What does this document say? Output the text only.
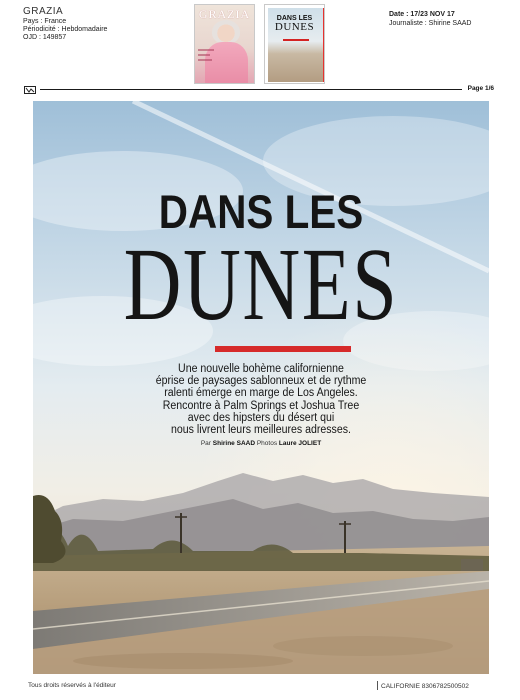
GRAZIA
Pays : France
Périodicité : Hebdomadaire
OJD : 149857
Date : 17/23 NOV 17
Journaliste : Shirine SAAD
GRAZIA	DANS LES
DUNES
Page 1/6
DANS LES
DUNES
Une nouvelle bohème californienne
éprise de paysages sablonneux et de rythme
ralenti émerge en marge de Los Angeles.
Rencontre à Palm Springs et Joshua Tree
avec des hipsters du désert qui
nous livrent leurs meilleures adresses.
Par Shirine SAAD Photos Laure JOLIET
Tous droits réservés à l'éditeur	CALIFORNIE 8306782500502
